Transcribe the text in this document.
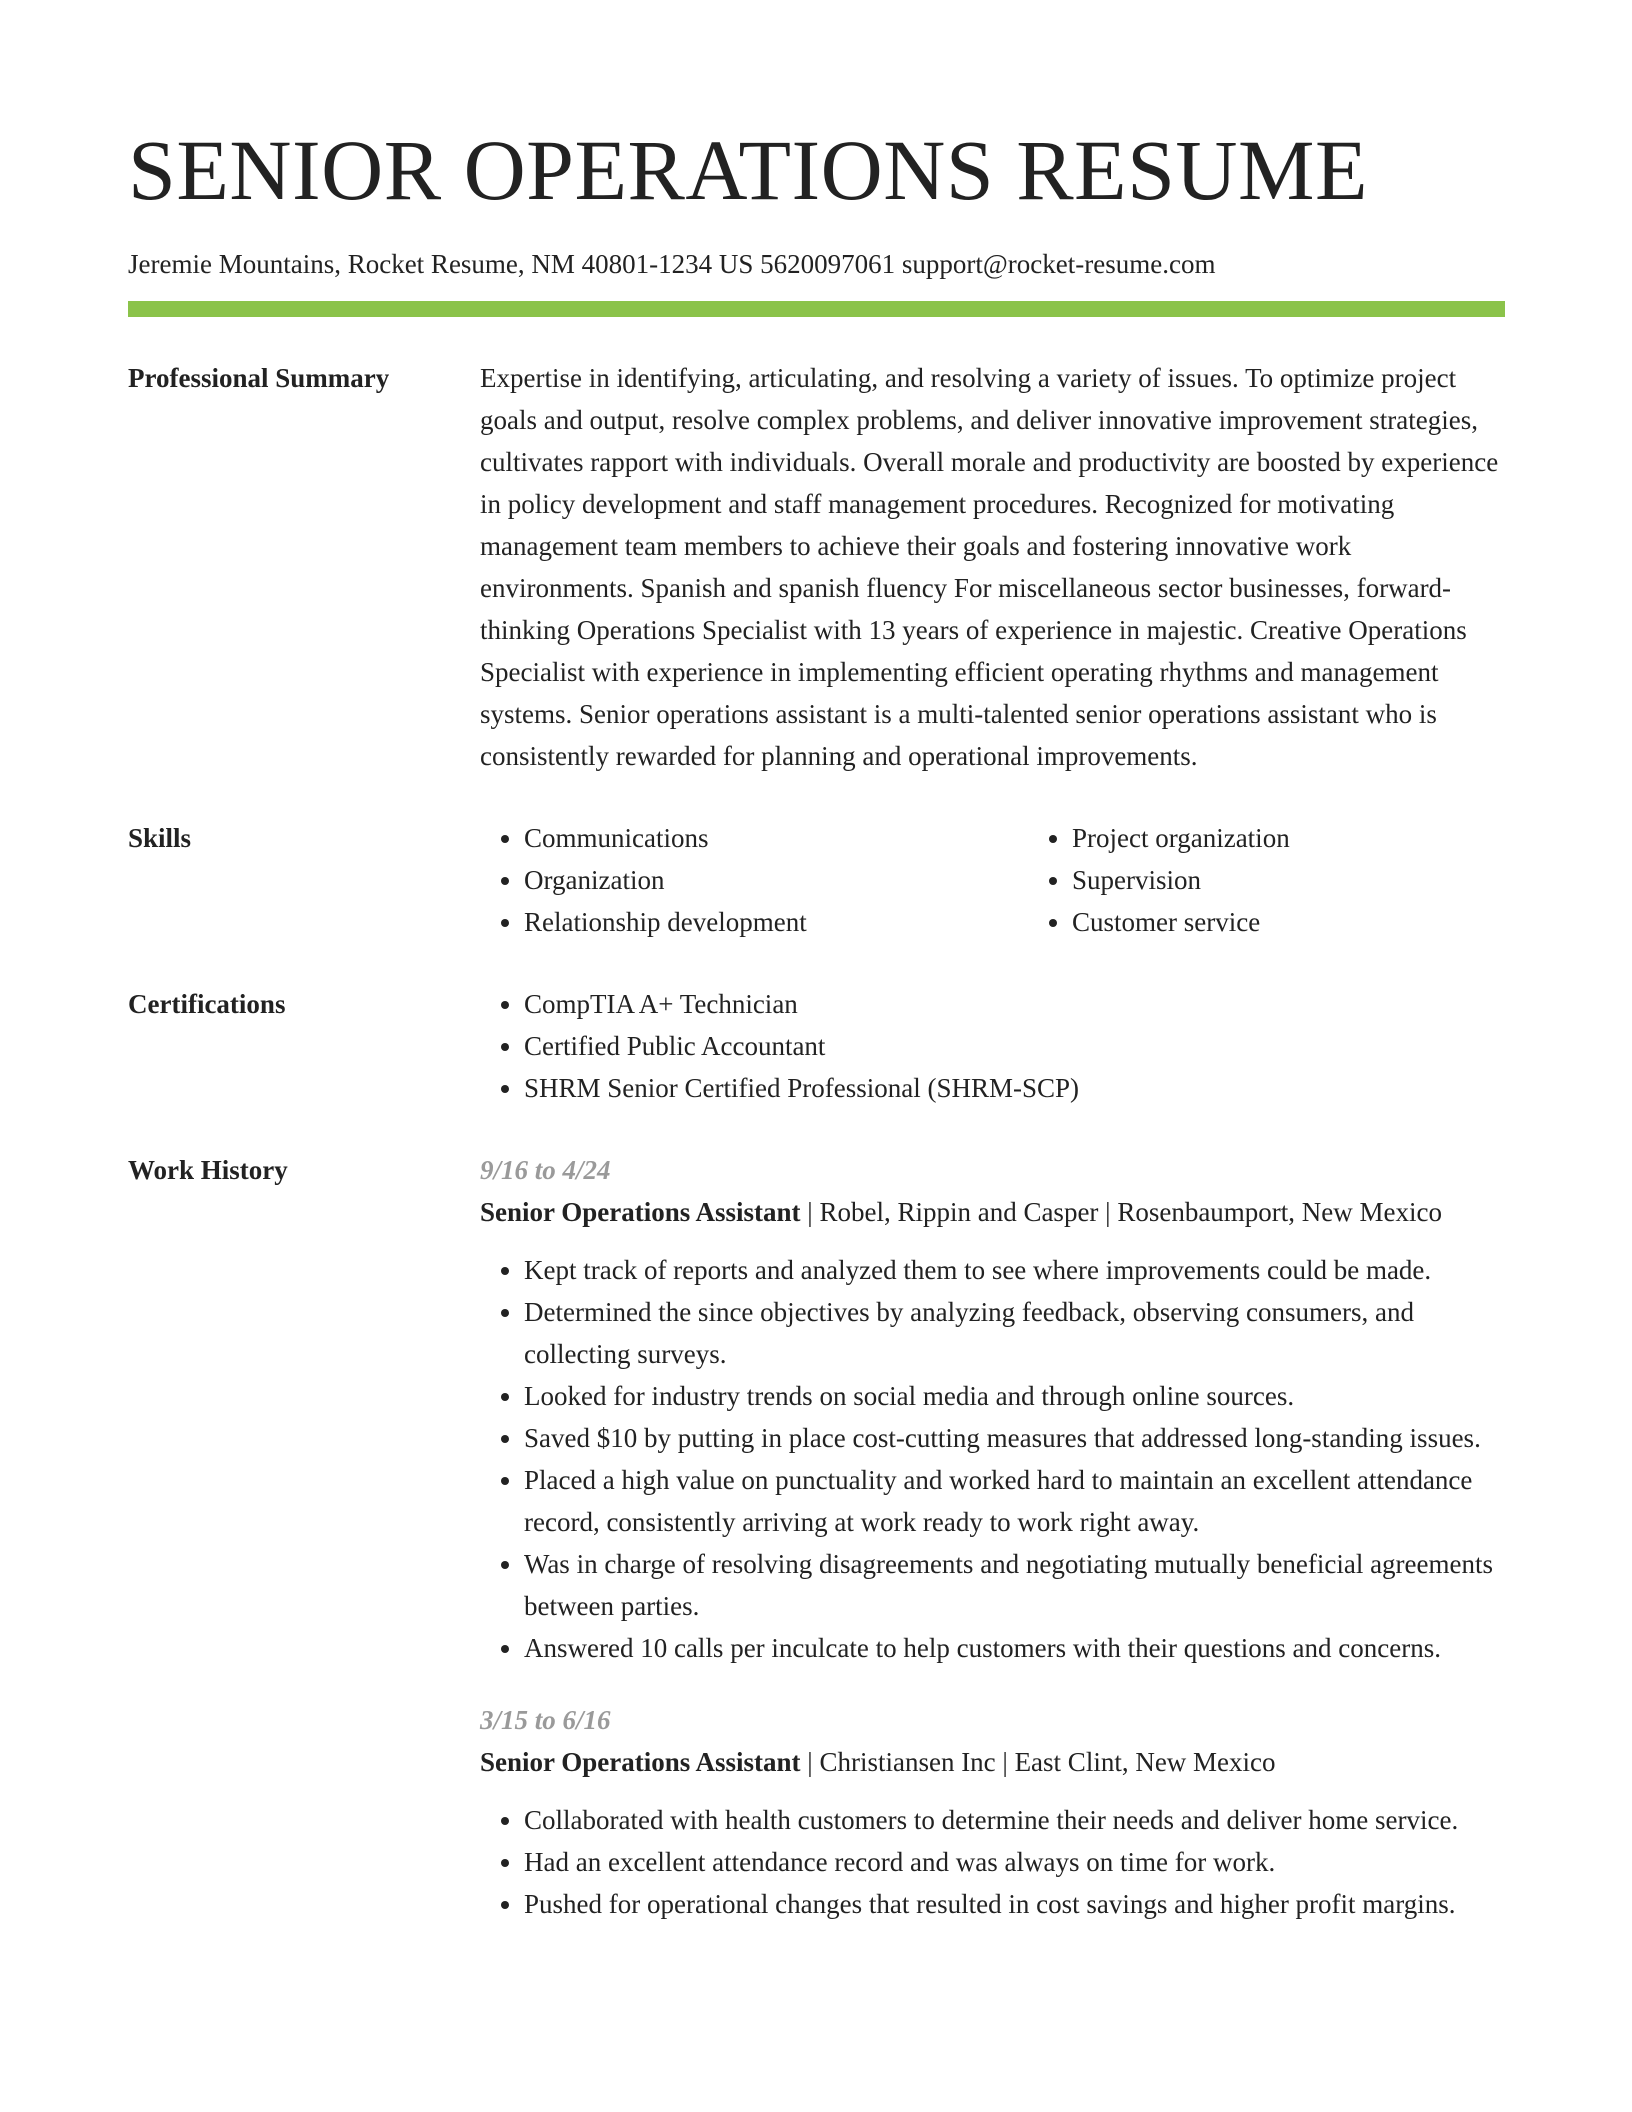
SENIOR OPERATIONS RESUME
Jeremie Mountains, Rocket Resume, NM 40801-1234 US 5620097061 support@rocket-resume.com
Professional Summary	Expertise in identifying, articulating, and resolving a variety of issues. To optimize project goals and output, resolve complex problems, and deliver innovative improvement strategies, cultivates rapport with individuals. Overall morale and productivity are boosted by experience in policy development and staff management procedures. Recognized for motivating management team members to achieve their goals and fostering innovative work environments. Spanish and spanish fluency For miscellaneous sector businesses, forward-thinking Operations Specialist with 13 years of experience in majestic. Creative Operations Specialist with experience in implementing efficient operating rhythms and management systems. Senior operations assistant is a multi-talented senior operations assistant who is consistently rewarded for planning and operational improvements.

Skills	• Communications
• Organization
• Relationship development
• Project organization
• Supervision
• Customer service
Certifications	• CompTIA A+ Technician
• Certified Public Accountant
• SHRM Senior Certified Professional (SHRM-SCP)
Work History	9/16 to 4/24
Senior Operations Assistant | Robel, Rippin and Casper | Rosenbaumport, New Mexico
• Kept track of reports and analyzed them to see where improvements could be made.
• Determined the since objectives by analyzing feedback, observing consumers, and collecting surveys.
• Looked for industry trends on social media and through online sources.
• Saved $10 by putting in place cost-cutting measures that addressed long-standing issues.
• Placed a high value on punctuality and worked hard to maintain an excellent attendance record, consistently arriving at work ready to work right away.
• Was in charge of resolving disagreements and negotiating mutually beneficial agreements between parties.
• Answered 10 calls per inculcate to help customers with their questions and concerns.
3/15 to 6/16
Senior Operations Assistant | Christiansen Inc | East Clint, New Mexico
• Collaborated with health customers to determine their needs and deliver home service.
• Had an excellent attendance record and was always on time for work.
• Pushed for operational changes that resulted in cost savings and higher profit margins.
